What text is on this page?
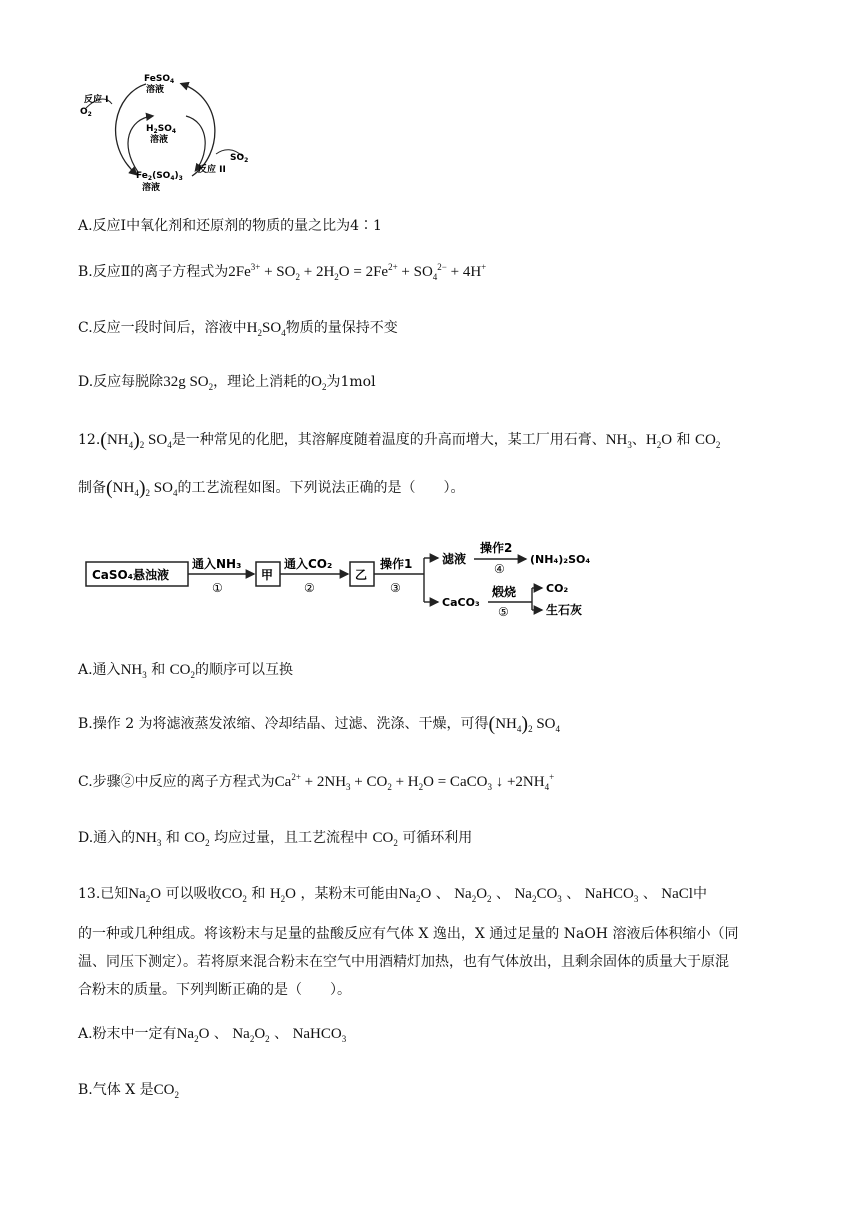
FeSO$_4$
溶液
$H_2SO_4$
溶液
$Fe_2(SO_4)_3$
溶液
反应 I
$O_2$
反应 II
$SO_2$
A.反应Ⅰ中氧化剂和还原剂的物质的量之比为4∶1
B.反应Ⅱ的离子方程式为$2Fe^{3+} + SO_2 + 2H_2O = 2Fe^{2+} + SO_4^{2-} + 4H^+$
C.反应一段时间后，溶液中$H_2SO_4$物质的量保持不变
D.反应每脱除32g $SO_2$，理论上消耗的$O_2$为1mol
$12.(NH_4)_2$ $SO_4$是一种常见的化肥，其溶解度随着温度的升高而增大，某工厂用石膏、$NH_3$、$H_2O$ 和 $CO_2$
制备$(NH_4)_2$ $SO_4$的工艺流程如图。下列说法正确的是（　　）。
CaSO₄悬浊液
通入NH₃
①
甲
通入CO₂
②
乙
操作1
③
滤液
操作2
④
(NH₄)₂SO₄
CaCO₃
煅烧
⑤
CO₂
生石灰
A.通入$NH_3$ 和 $CO_2$的顺序可以互换
B.操作 2 为将滤液蒸发浓缩、冷却结晶、过滤、洗涤、干燥，可得$(NH_4)_2$ $SO_4$
C.步骤②中反应的离子方程式为$Ca^{2+} + 2NH_3 + CO_2 + H_2O$ = CaCO$_3$ ↓ $+2NH_4^+$
D.通入的$NH_3$ 和 $CO_2$ 均应过量，且工艺流程中 $CO_2$ 可循环利用
13.已知$Na_2O$ 可以吸收$CO_2$ 和 $H_2O$ ，某粉末可能由$Na_2O$ 、 $Na_2O_2$ 、 $Na_2CO_3$ 、 NaHCO$_3$ 、 NaCl中
的一种或几种组成。将该粉末与足量的盐酸反应有气体 X 逸出，X 通过足量的 NaOH 溶液后体积缩小（同
温、同压下测定）。若将原来混合粉末在空气中用酒精灯加热，也有气体放出，且剩余固体的质量大于原混
合粉末的质量。下列判断正确的是（　　）。
A.粉末中一定有$Na_2O$ 、 $Na_2O_2$ 、 NaHCO$_3$
B.气体 X 是$CO_2$
